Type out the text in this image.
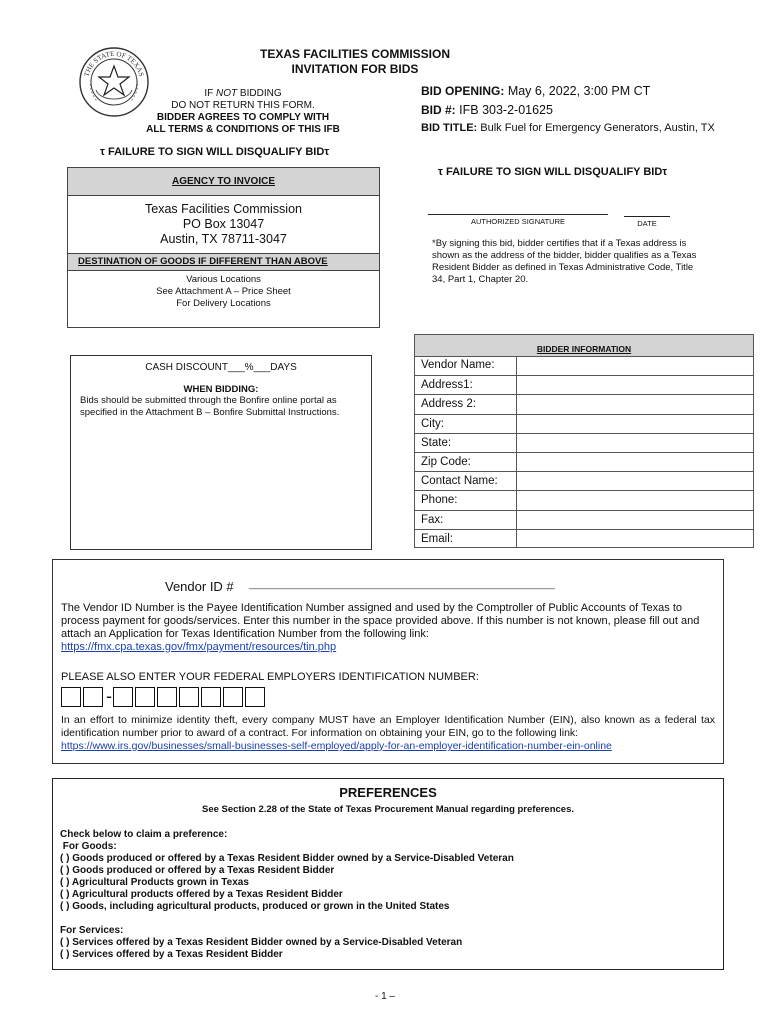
THE STATE OF TEXAS
TEXAS FACILITIES COMMISSION
INVITATION FOR BIDS
IF NOT BIDDING
DO NOT RETURN THIS FORM.
BIDDER AGREES TO COMPLY WITH
ALL TERMS & CONDITIONS OF THIS IFB
BID OPENING: May 6, 2022, 3:00 PM CT
BID #: IFB 303-2-01625
BID TITLE: Bulk Fuel for Emergency Generators, Austin, TX
τ FAILURE TO SIGN WILL DISQUALIFY BIDτ
τ FAILURE TO SIGN WILL DISQUALIFY BIDτ
AGENCY TO INVOICE
Texas Facilities Commission
PO Box 13047
Austin, TX 78711-3047
DESTINATION OF GOODS IF DIFFERENT THAN ABOVE
Various Locations
See Attachment A – Price Sheet
For Delivery Locations
AUTHORIZED SIGNATURE	DATE
*By signing this bid, bidder certifies that if a Texas address is shown as the address of the bidder, bidder qualifies as a Texas Resident Bidder as defined in Texas Administrative Code, Title 34, Part 1, Chapter 20.
CASH DISCOUNT___%___DAYS
WHEN BIDDING:
Bids should be submitted through the Bonfire online portal as
specified in the Attachment B – Bonfire Submittal Instructions.
BIDDER INFORMATION
Vendor Name:
Address1:
Address 2:
City:
State:
Zip Code:
Contact Name:
Phone:
Fax:
Email:
Vendor ID # _______________________________________________________
The Vendor ID Number is the Payee Identification Number assigned and used by the Comptroller of Public Accounts of Texas to process payment for goods/services. Enter this number in the space provided above. If this number is not known, please fill out and attach an Application for Texas Identification Number from the following link:
https://fmx.cpa.texas.gov/fmx/payment/resources/tin.php
PLEASE ALSO ENTER YOUR FEDERAL EMPLOYERS IDENTIFICATION NUMBER:
-
In an effort to minimize identity theft, every company MUST have an Employer Identification Number (EIN), also known as a federal tax identification number prior to award of a contract. For information on obtaining your EIN, go to the following link:
https://www.irs.gov/businesses/small-businesses-self-employed/apply-for-an-employer-identification-number-ein-online
PREFERENCES
See Section 2.28 of the State of Texas Procurement Manual regarding preferences.
Check below to claim a preference:
For Goods:
( ) Goods produced or offered by a Texas Resident Bidder owned by a Service-Disabled Veteran
( ) Goods produced or offered by a Texas Resident Bidder
( ) Agricultural Products grown in Texas
( ) Agricultural products offered by a Texas Resident Bidder
( ) Goods, including agricultural products, produced or grown in the United States
For Services:
( ) Services offered by a Texas Resident Bidder owned by a Service-Disabled Veteran
( ) Services offered by a Texas Resident Bidder
- 1 –
